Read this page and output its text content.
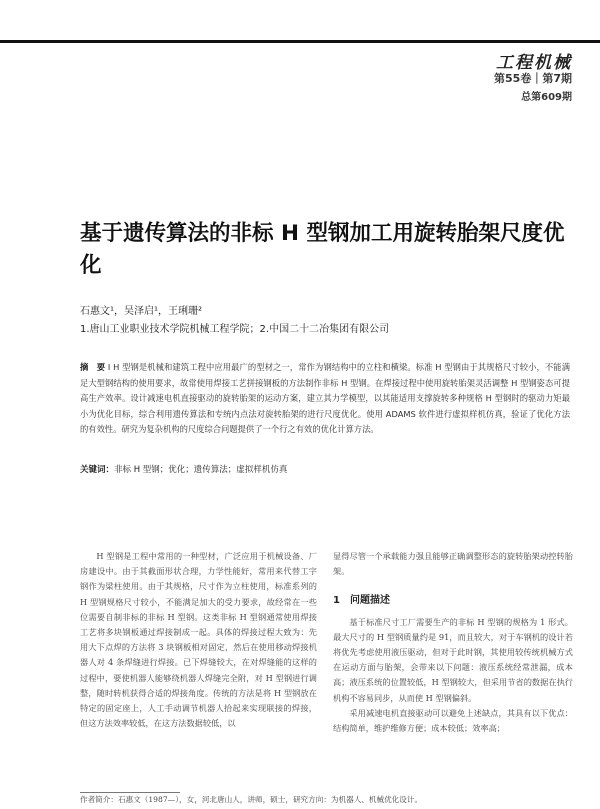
工程机械
第55卷｜第7期
总第609期
基于遗传算法的非标 H 型钢加工用旋转胎架尺度优化
石惠文¹，吴泽启¹，王琍珊²
1.唐山工业职业技术学院机械工程学院；2.中国二十二冶集团有限公司

摘　要 I H 型钢是机械和建筑工程中应用最广的型材之一，常作为钢结构中的立柱和横梁。标准 H 型钢由于其规格尺寸较小，不能满足大型钢结构的使用要求，故常使用焊接工艺拼接钢板的方法制作非标 H 型钢。在焊接过程中使用旋转胎架灵活调整 H 型钢姿态可提高生产效率。设计减速电机直接驱动的旋转胎架的运动方案，建立其力学模型，以其能适用支撑旋转多种规格 H 型钢时的驱动力矩最小为优化目标，综合利用遗传算法和专统内点法对旋转胎架的进行尺度优化。使用 ADAMS 软件进行虚拟样机仿真，验证了优化方法的有效性。研究为复杂机构的尺度综合问题提供了一个行之有效的优化计算方法。

关键词：非标 H 型钢；优化；遗传算法；虚拟样机仿真

H 型钢是工程中常用的一种型材，广泛应用于机械设备、厂房建设中。由于其截面形状合理，力学性能好，常用来代替工字钢作为梁柱使用。由于其规格，尺寸作为立柱使用，标准系列的 H 型钢规格尺寸较小，不能满足加大的受力要求，故经常在一些位需要自制非标的非标 H 型钢。这类非标 H 型钢通常使用焊接工艺将多块钢板通过焊接制成一起。具体的焊接过程大致为：先用大下点焊的方法将 3 块钢板相对固定，然后在使用移动焊接机器人对 4 条焊缝进行焊接。已下焊缝较大，在对焊缝能的这样的过程中，要使机器人能够绕机器人焊缝完全附，对 H 型钢进行调整，随时转机获得合适的焊接角度。传统的方法是将 H 型钢放在特定的固定座上，人工手动调节机器人拾起来实现联接的焊接，但这方法效率较低，在这方法数据较低，以

显得尽管一个承载能力强且能够正确调整形态的旋转胎架动控转胎架。

1　问题描述

基于标准尺寸工厂需要生产的非标 H 型钢的规格为 1 形式。最大尺寸的 H 型钢质量约是 91，而且较大，对于车钢机的设计若将优先考虑使用液压驱动，但对于此时钢，其使用较传统机械方式在运动方面与胎架，会带来以下问题：液压系统经常泄漏，成本高；液压系统的位置较低，H 型钢较大，但采用节省的数据在执行机构不容易同步，从而使 H 型钢偏斜。

采用减速电机直接驱动可以避免上述缺点，其具有以下优点：结构简单，维护维修方便；成本较低；效率高；

作者简介：石惠文（1987—），女，河北唐山人，讲师，硕士，研究方向：为机器人、机械优化设计。
